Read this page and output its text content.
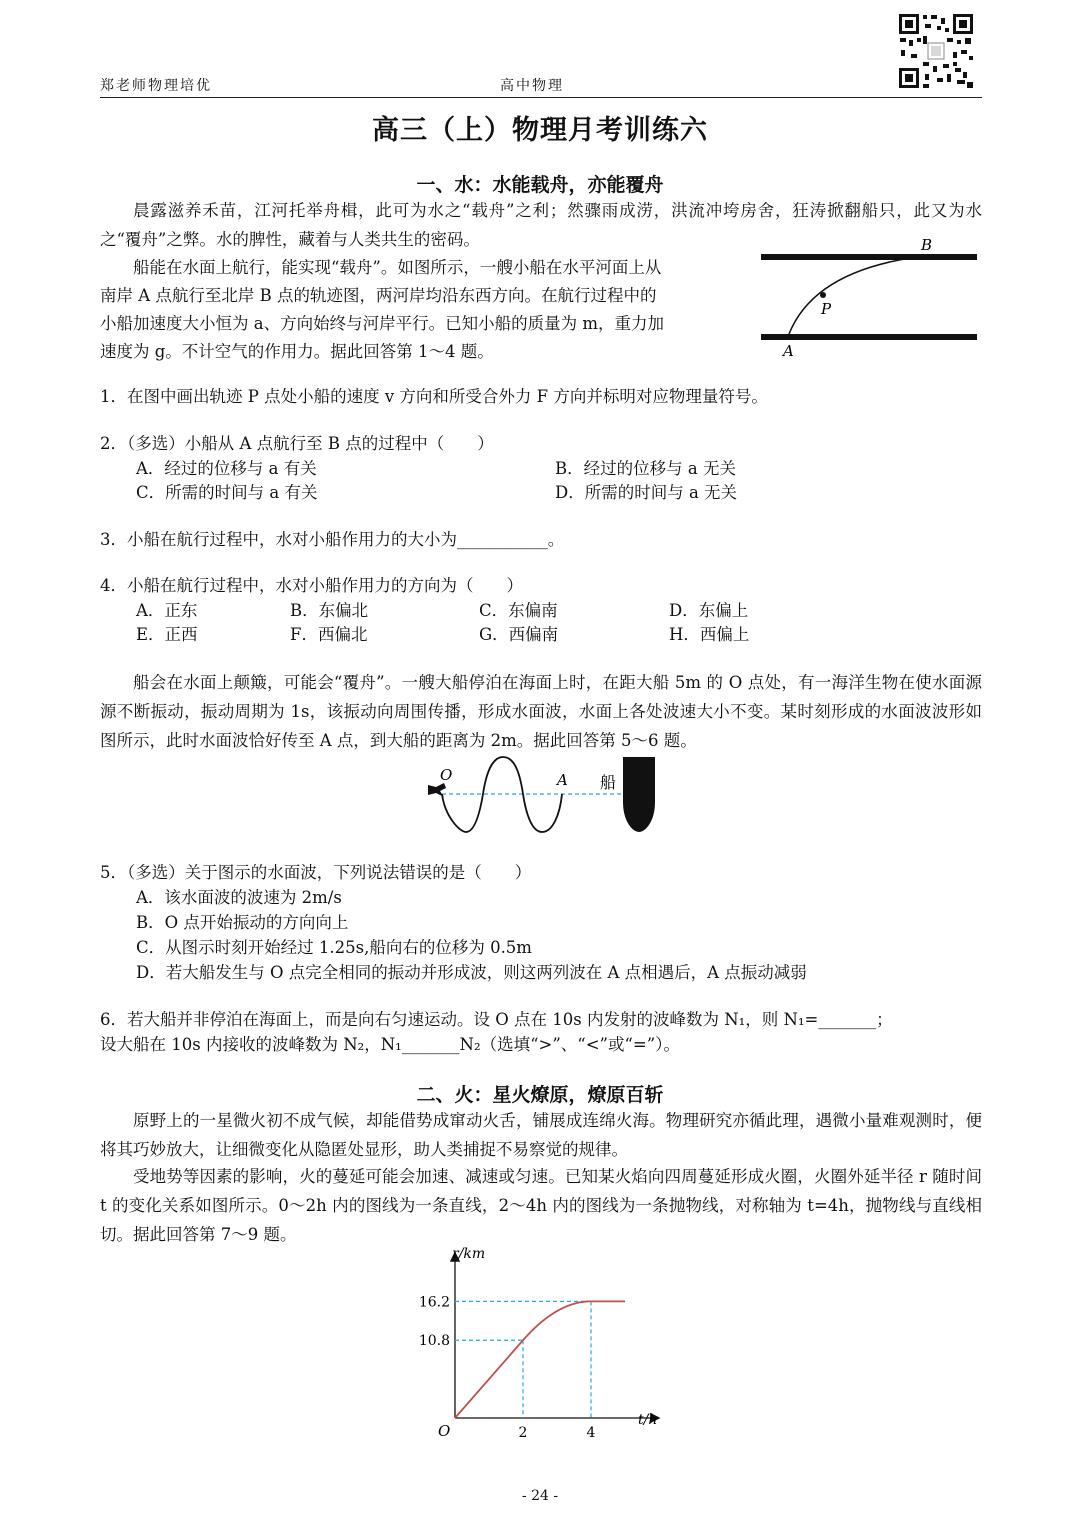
郑老师物理培优	高中物理
高三（上）物理月考训练六
一、水：水能载舟，亦能覆舟
晨露滋养禾苗，江河托举舟楫，此可为水之“载舟”之利；然骤雨成涝，洪流冲垮房舍，狂涛掀翻船只，此又为水之“覆舟”之弊。水的脾性，藏着与人类共生的密码。
船能在水面上航行，能实现“载舟”。如图所示，一艘小船在水平河面上从
南岸 A 点航行至北岸 B 点的轨迹图，两河岸均沿东西方向。在航行过程中的
小船加速度大小恒为 a、方向始终与河岸平行。已知小船的质量为 m，重力加
速度为 g。不计空气的作用力。据此回答第 1～4 题。
B
P
A
1．在图中画出轨迹 P 点处小船的速度 v 方向和所受合外力 F 方向并标明对应物理量符号。
2．（多选）小船从 A 点航行至 B 点的过程中（　　）
A．经过的位移与 a 有关	B．经过的位移与 a 无关
C．所需的时间与 a 有关	D．所需的时间与 a 无关
3．小船在航行过程中，水对小船作用力的大小为___________。
4．小船在航行过程中，水对小船作用力的方向为（　　）
A．正东	B．东偏北	C．东偏南	D．东偏上
E．正西	F．西偏北	G．西偏南	H．西偏上
船会在水面上颠簸，可能会“覆舟”。一艘大船停泊在海面上时，在距大船 5m 的 O 点处，有一海洋生物在使水面源源不断振动，振动周期为 1s，该振动向周围传播，形成水面波，水面上各处波速大小不变。某时刻形成的水面波波形如图所示，此时水面波恰好传至 A 点，到大船的距离为 2m。据此回答第 5～6 题。
O	A 船
5．（多选）关于图示的水面波，下列说法错误的是（　　）
A．该水面波的波速为 2m/s
B．O 点开始振动的方向向上
C．从图示时刻开始经过 1.25s,船向右的位移为 0.5m
D．若大船发生与 O 点完全相同的振动并形成波，则这两列波在 A 点相遇后，A 点振动减弱
6．若大船并非停泊在海面上，而是向右匀速运动。设 O 点在 10s 内发射的波峰数为 N₁，则 N₁=_______；
设大船在 10s 内接收的波峰数为 N₂，N₁_______N₂（选填“>”、“<”或“=”）。
二、火：星火燎原，燎原百斩
原野上的一星微火初不成气候，却能借势成窜动火舌，铺展成连绵火海。物理研究亦循此理，遇微小量难观测时，便将其巧妙放大，让细微变化从隐匿处显形，助人类捕捉不易察觉的规律。
受地势等因素的影响，火的蔓延可能会加速、减速或匀速。已知某火焰向四周蔓延形成火圈，火圈外延半径 r 随时间 t 的变化关系如图所示。0～2h 内的图线为一条直线，2～4h 内的图线为一条抛物线，对称轴为 t=4h，抛物线与直线相切。据此回答第 7～9 题。
r/km
t/h
O	2	4
10.8
16.2
- 24 -
